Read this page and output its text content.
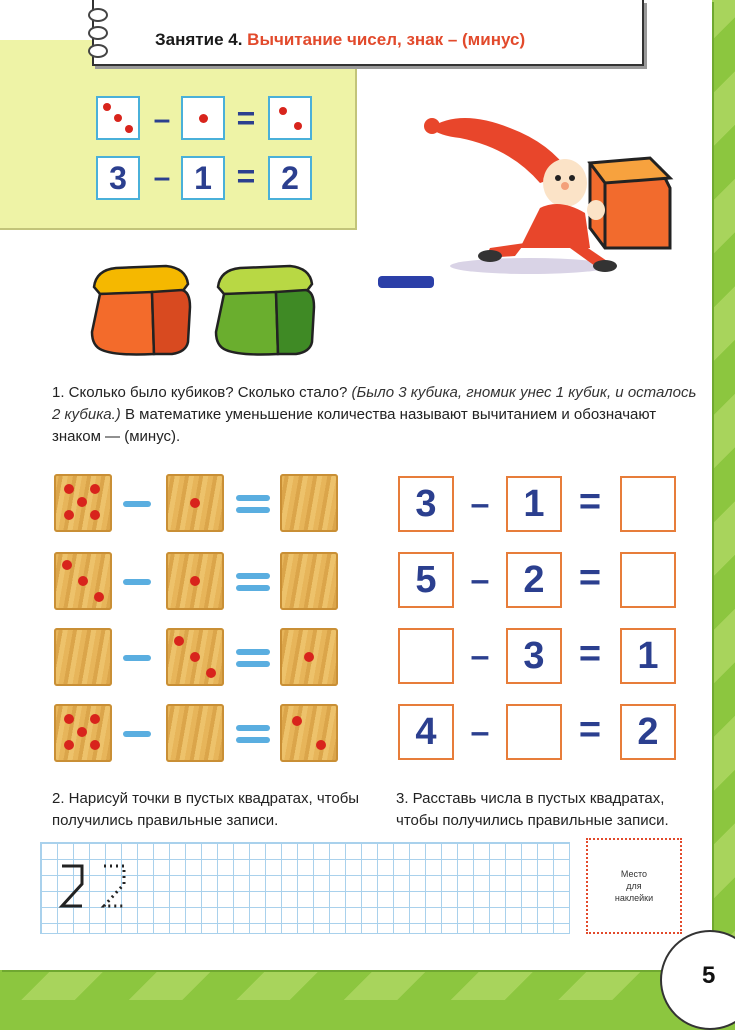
Занятие 4. Вычитание чисел, знак – (минус)
–	=
3 – 1 = 2
1. Сколько было кубиков? Сколько стало? (Было 3 кубика, гномик унес 1 кубик, и осталось 2 кубика.) В математике уменьшение количества называют вычитанием и обозначают знаком — (минус).
3 – 1 =
5 – 2 =
– 3 = 1
4 – = 2
2. Нарисуй точки в пустых квадратах, чтобы получились правильные записи.
3. Расставь числа в пустых квадратах, чтобы получились правильные записи.
Место
для
наклейки
5
